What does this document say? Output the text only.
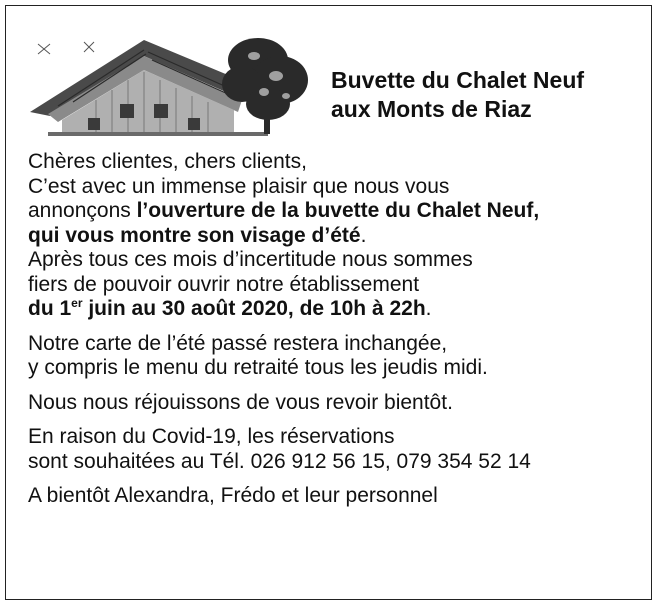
Buvette du Chalet Neuf
aux Monts de Riaz
Chères clientes, chers clients,
C’est avec un immense plaisir que nous vous
annonçons l’ouverture de la buvette du Chalet Neuf,
qui vous montre son visage d’été.
Après tous ces mois d’incertitude nous sommes
fiers de pouvoir ouvrir notre établissement
du 1er juin au 30 août 2020, de 10h à 22h.
Notre carte de l’été passé restera inchangée,
y compris le menu du retraité tous les jeudis midi.
Nous nous réjouissons de vous revoir bientôt.
En raison du Covid-19, les réservations
sont souhaitées au Tél. 026 912 56 15, 079 354 52 14
A bientôt Alexandra, Frédo et leur personnel
